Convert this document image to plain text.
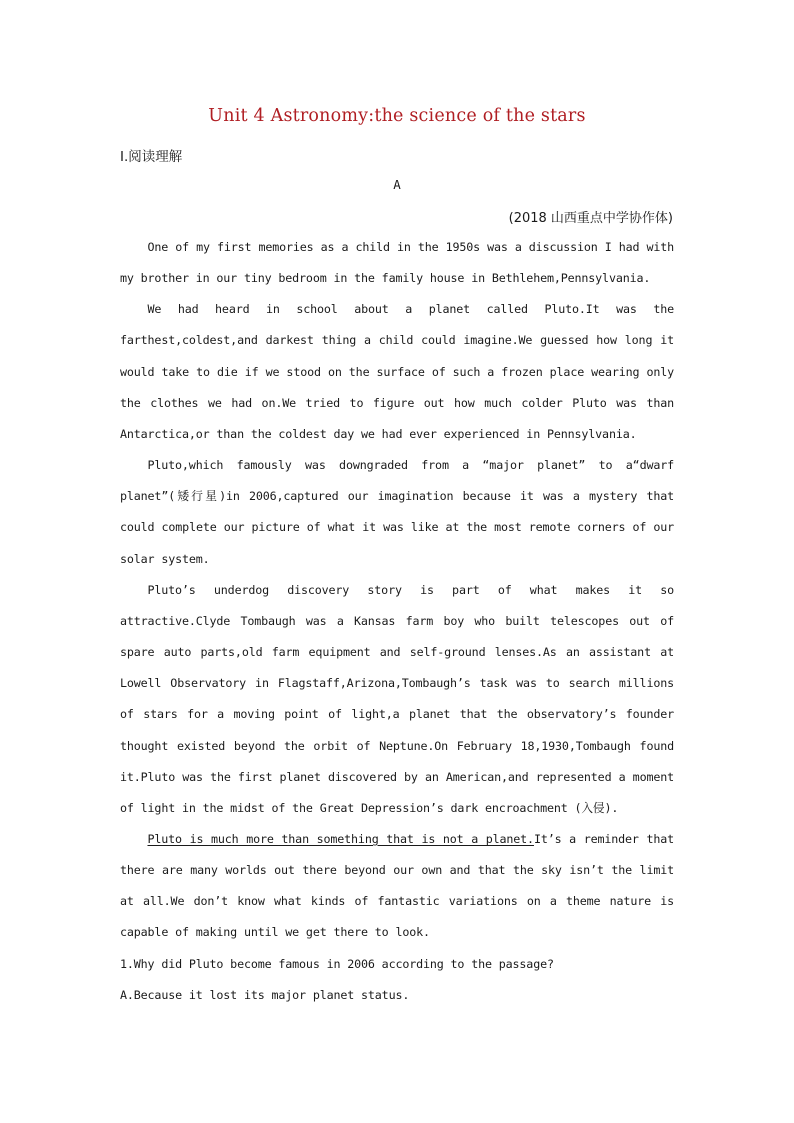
Unit 4 Astronomy:the science of the stars
Ⅰ.阅读理解
A
(2018 山西重点中学协作体)

One of my first memories as a child in the 1950s was a discussion I had with my brother in our tiny bedroom in the family house in Bethlehem,Pennsylvania.

We had heard in school about a planet called Pluto.It was the farthest,coldest,and darkest thing a child could imagine.We guessed how long it would take to die if we stood on the surface of such a frozen place wearing only the clothes we had on.We tried to figure out how much colder Pluto was than Antarctica,or than the coldest day we had ever experienced in Pennsylvania.

Pluto,which famously was downgraded from a “major planet” to a“dwarf planet”(矮行星)in 2006,captured our imagination because it was a mystery that could complete our picture of what it was like at the most remote corners of our solar system.

Pluto’s underdog discovery story is part of what makes it so attractive.Clyde Tombaugh was a Kansas farm boy who built telescopes out of spare auto parts,old farm equipment and self-ground lenses.As an assistant at Lowell Observatory in Flagstaff,Arizona,Tombaugh’s task was to search millions of stars for a moving point of light,a planet that the observatory’s founder thought existed beyond the orbit of Neptune.On February 18,1930,Tombaugh found it.Pluto was the first planet discovered by an American,and represented a moment of light in the midst of the Great Depression’s dark encroachment (入侵).

Pluto is much more than something that is not a planet.It’s a reminder that there are many worlds out there beyond our own and that the sky isn’t the limit at all.We don’t know what kinds of fantastic variations on a theme nature is capable of making until we get there to look.

1.Why did Pluto become famous in 2006 according to the passage?

A.Because it lost its major planet status.
